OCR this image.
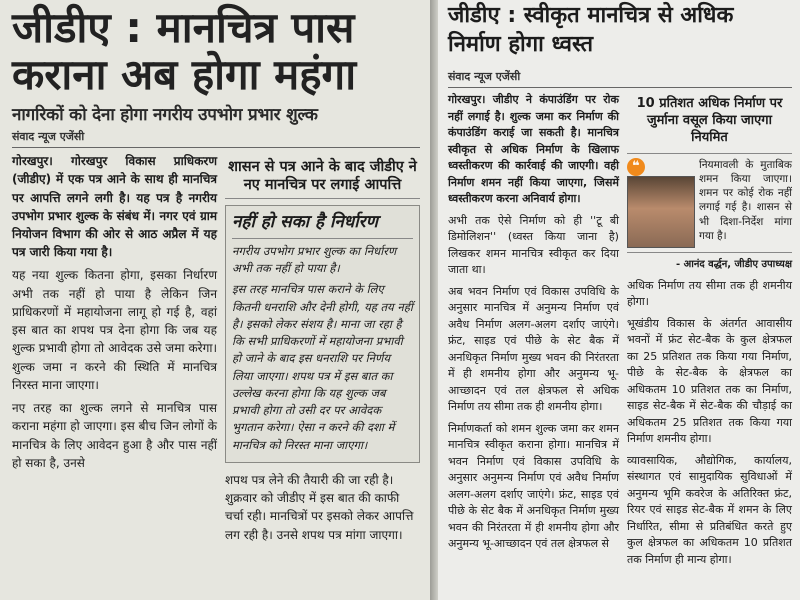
जीडीए : मानचित्र पास
कराना अब होगा महंगा
नागरिकों को देना होगा नगरीय उपभोग प्रभार शुल्क
संवाद न्यूज एजेंसी

गोरखपुर। गोरखपुर विकास प्राधिकरण (जीडीए) में एक पत्र आने के साथ ही मानचित्र पर आपत्ति लगने लगी है। यह पत्र है नगरीय उपभोग प्रभार शुल्क के संबंध में। नगर एवं ग्राम नियोजन विभाग की ओर से आठ अप्रैल में यह पत्र जारी किया गया है।

यह नया शुल्क कितना होगा, इसका निर्धारण अभी तक नहीं हो पाया है लेकिन जिन प्राधिकरणों में महायोजना लागू हो गई है, वहां इस बात का शपथ पत्र देना होगा कि जब यह शुल्क प्रभावी होगा तो आवेदक उसे जमा करेगा। शुल्क जमा न करने की स्थिति में मानचित्र निरस्त माना जाएगा।

नए तरह का शुल्क लगने से मानचित्र पास कराना महंगा हो जाएगा। इस बीच जिन लोगों के मानचित्र के लिए आवेदन हुआ है और पास नहीं हो सका है, उनसे

शासन से पत्र आने के बाद जीडीए ने नए मानचित्र पर लगाई आपत्ति
नहीं हो सका है निर्धारण

नगरीय उपभोग प्रभार शुल्क का निर्धारण अभी तक नहीं हो पाया है।

इस तरह मानचित्र पास कराने के लिए कितनी धनराशि और देनी होगी, यह तय नहीं है। इसको लेकर संशय है। माना जा रहा है कि सभी प्राधिकरणों में महायोजना प्रभावी हो जाने के बाद इस धनराशि पर निर्णय लिया जाएगा। शपथ पत्र में इस बात का उल्लेख करना होगा कि यह शुल्क जब प्रभावी होगा तो उसी दर पर आवेदक भुगतान करेगा। ऐसा न करने की दशा में मानचित्र को निरस्त माना जाएगा।

शपथ पत्र लेने की तैयारी की जा रही है। शुक्रवार को जीडीए में इस बात की काफी चर्चा रही। मानचित्रों पर इसको लेकर आपत्ति लग रही है। उनसे शपथ पत्र मांगा जाएगा।
जीडीए : स्वीकृत मानचित्र से अधिक निर्माण होगा ध्वस्त
संवाद न्यूज एजेंसी

गोरखपुर। जीडीए ने कंपाउंडिंग पर रोक नहीं लगाई है। शुल्क जमा कर निर्माण की कंपाउंडिंग कराई जा सकती है। मानचित्र स्वीकृत से अधिक निर्माण के खिलाफ ध्वस्तीकरण की कार्रवाई की जाएगी। वही निर्माण शमन नहीं किया जाएगा, जिसमें ध्वस्तीकरण करना अनिवार्य होगा।

अभी तक ऐसे निर्माण को ही ''टू बी डिमोलिशन'' (ध्वस्त किया जाना है) लिखकर शमन मानचित्र स्वीकृत कर दिया जाता था।

अब भवन निर्माण एवं विकास उपविधि के अनुसार मानचित्र में अनुमन्य निर्माण एवं अवैध निर्माण अलग-अलग दर्शाए जाएंगे। फ्रंट, साइड एवं पीछे के सेट बैक में अनधिकृत निर्माण मुख्य भवन की निरंतरता में ही शमनीय होगा और अनुमन्य भू-आच्छादन एवं तल क्षेत्रफल से अधिक निर्माण तय सीमा तक ही शमनीय होगा।

निर्माणकर्ता को शमन शुल्क जमा कर शमन मानचित्र स्वीकृत कराना होगा। मानचित्र में भवन निर्माण एवं विकास उपविधि के अनुसार अनुमन्य निर्माण एवं अवैध निर्माण अलग-अलग दर्शाए जाएंगे। फ्रंट, साइड एवं पीछे के सेट बैक में अनधिकृत निर्माण मुख्य भवन की निरंतरता में ही शमनीय होगा और अनुमन्य भू-आच्छादन एवं तल क्षेत्रफल से

10 प्रतिशत अधिक निर्माण पर जुर्माना वसूल किया जाएगा नियमित
❝	नियमावली के मुताबिक शमन किया जाएगा। शमन पर कोई रोक नहीं लगाई गई है। शासन से भी दिशा-निर्देश मांगा गया है।
- आनंद वर्द्धन, जीडीए उपाध्यक्ष

अधिक निर्माण तय सीमा तक ही शमनीय होगा।

भूखंडीय विकास के अंतर्गत आवासीय भवनों में फ्रंट सेट-बैक के कुल क्षेत्रफल का 25 प्रतिशत तक किया गया निर्माण, पीछे के सेट-बैक के क्षेत्रफल का अधिकतम 10 प्रतिशत तक का निर्माण, साइड सेट-बैक में सेट-बैक की चौड़ाई का अधिकतम 25 प्रतिशत तक किया गया निर्माण शमनीय होगा।

व्यावसायिक, औद्योगिक, कार्यालय, संस्थागत एवं सामुदायिक सुविधाओं में अनुमन्य भूमि कवरेज के अतिरिक्त फ्रंट, रियर एवं साइड सेट-बैक में शमन के लिए निर्धारित, सीमा से प्रतिबंधित करते हुए कुल क्षेत्रफल का अधिकतम 10 प्रतिशत तक निर्माण ही मान्य होगा।
